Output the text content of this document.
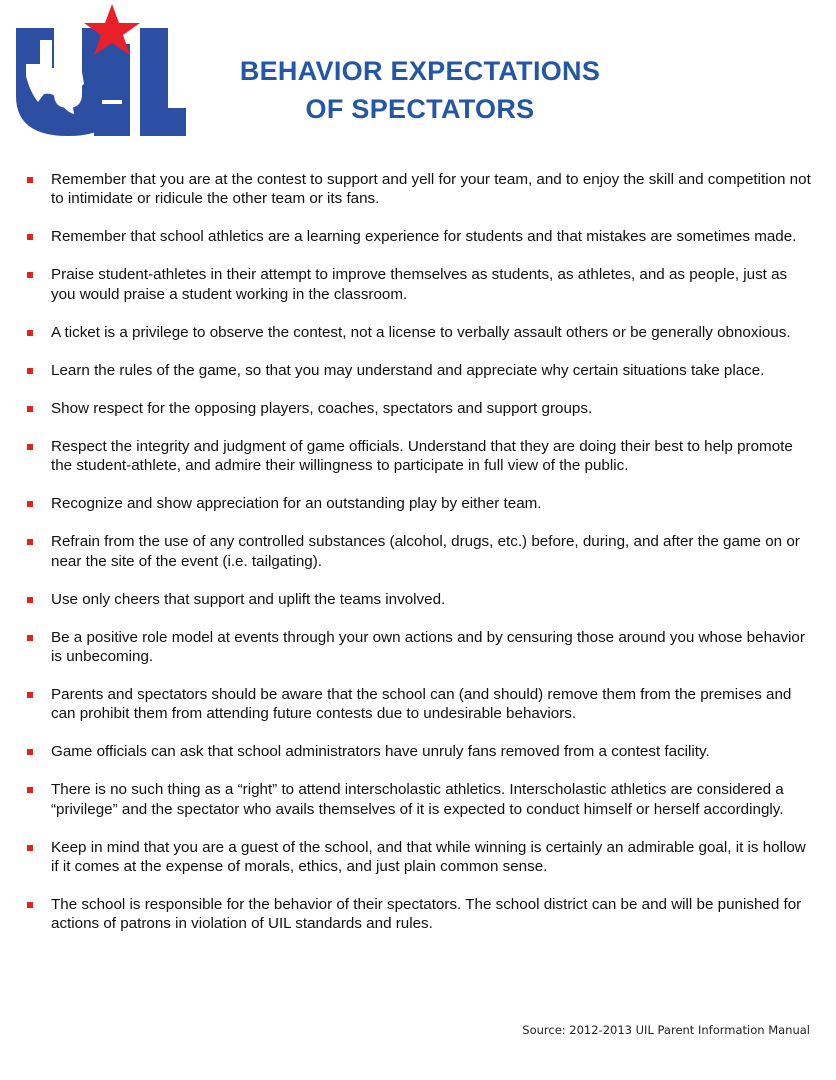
BEHAVIOR EXPECTATIONS
OF SPECTATORS
Remember that you are at the contest to support and yell for your team, and to enjoy the skill and competition not to intimidate or ridicule the other team or its fans.
Remember that school athletics are a learning experience for students and that mistakes are sometimes made.
Praise student-athletes in their attempt to improve themselves as students, as athletes, and as people, just as you would praise a student working in the classroom.
A ticket is a privilege to observe the contest, not a license to verbally assault others or be generally obnoxious.
Learn the rules of the game, so that you may understand and appreciate why certain situations take place.
Show respect for the opposing players, coaches, spectators and support groups.
Respect the integrity and judgment of game officials. Understand that they are doing their best to help promote the student-athlete, and admire their willingness to participate in full view of the public.
Recognize and show appreciation for an outstanding play by either team.
Refrain from the use of any controlled substances (alcohol, drugs, etc.) before, during, and after the game on or near the site of the event (i.e. tailgating).
Use only cheers that support and uplift the teams involved.
Be a positive role model at events through your own actions and by censuring those around you whose behavior is unbecoming.
Parents and spectators should be aware that the school can (and should) remove them from the premises and can prohibit them from attending future contests due to undesirable behaviors.
Game officials can ask that school administrators have unruly fans removed from a contest facility.
There is no such thing as a “right” to attend interscholastic athletics. Interscholastic athletics are considered a “privilege” and the spectator who avails themselves of it is expected to conduct himself or herself accordingly.
Keep in mind that you are a guest of the school, and that while winning is certainly an admirable goal, it is hollow if it comes at the expense of morals, ethics, and just plain common sense.
The school is responsible for the behavior of their spectators. The school district can be and will be punished for actions of patrons in violation of UIL standards and rules.
Source: 2012-2013 UIL Parent Information Manual
